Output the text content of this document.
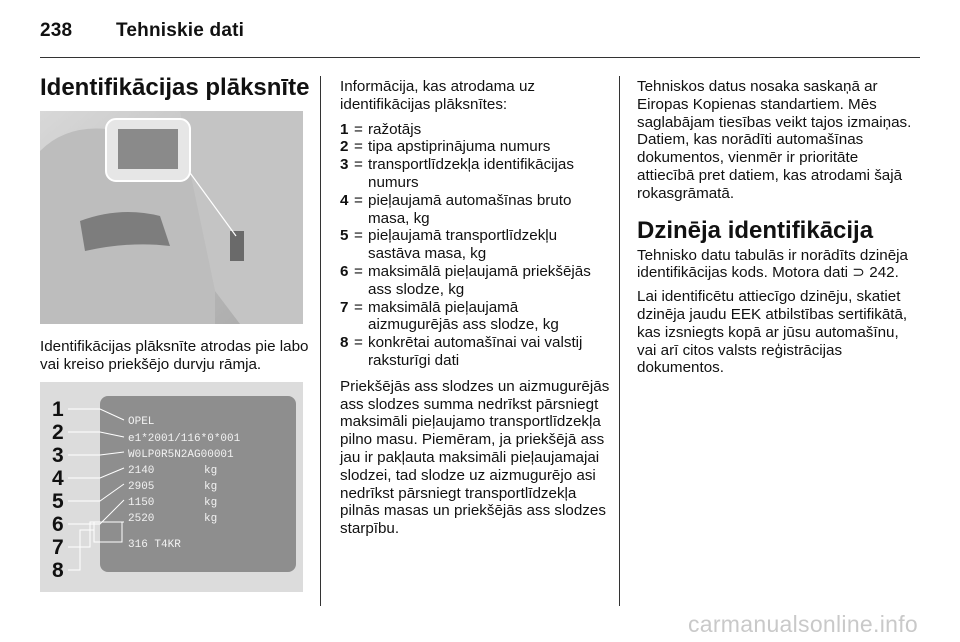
238 Tehniskie dati
Identifikācijas plāksnīte

Identifikācijas plāksnīte atrodas pie labo vai kreiso priekšējo durvju rāmja.

1
2
3
4
5
6
7
8
OPEL
e1*2001/116*0*001
W0LP0R5N2AG00001
2140
2905
1150
2520
kg
kg
kg
kg
316 T4KR

Informācija, kas atrodama uz identifikācijas plāksnītes:

1 = ražotājs
2 = tipa apstiprinājuma numurs
3 = transportlīdzekļa identifikācijas numurs
4 = pieļaujamā automašīnas bruto masa, kg
5 = pieļaujamā transportlīdzekļu sastāva masa, kg
6 = maksimālā pieļaujamā priekšējās ass slodze, kg
7 = maksimālā pieļaujamā aizmugurējās ass slodze, kg
8 = konkrētai automašīnai vai valstij raksturīgi dati

Priekšējās ass slodzes un aizmugurējās ass slodzes summa nedrīkst pārsniegt maksimāli pieļaujamo transportlīdzekļa pilno masu. Piemēram, ja priekšējā ass jau ir pakļauta maksimāli pieļaujamajai slodzei, tad slodze uz aizmugurējo asi nedrīkst pārsniegt transportlīdzekļa pilnās masas un priekšējās ass slodzes starpību.

Tehniskos datus nosaka saskaņā ar Eiropas Kopienas standartiem. Mēs saglabājam tiesības veikt tajos izmaiņas. Datiem, kas norādīti automašīnas dokumentos, vienmēr ir prioritāte attiecībā pret datiem, kas atrodami šajā rokasgrāmatā.

Dzinēja identifikācija

Tehnisko datu tabulās ir norādīts dzinēja identifikācijas kods. Motora dati ⊃ 242.

Lai identificētu attiecīgo dzinēju, skatiet dzinēja jaudu EEK atbilstības sertifikātā, kas izsniegts kopā ar jūsu automašīnu, vai arī citos valsts reģistrācijas dokumentos.

carmanualsonline.info
